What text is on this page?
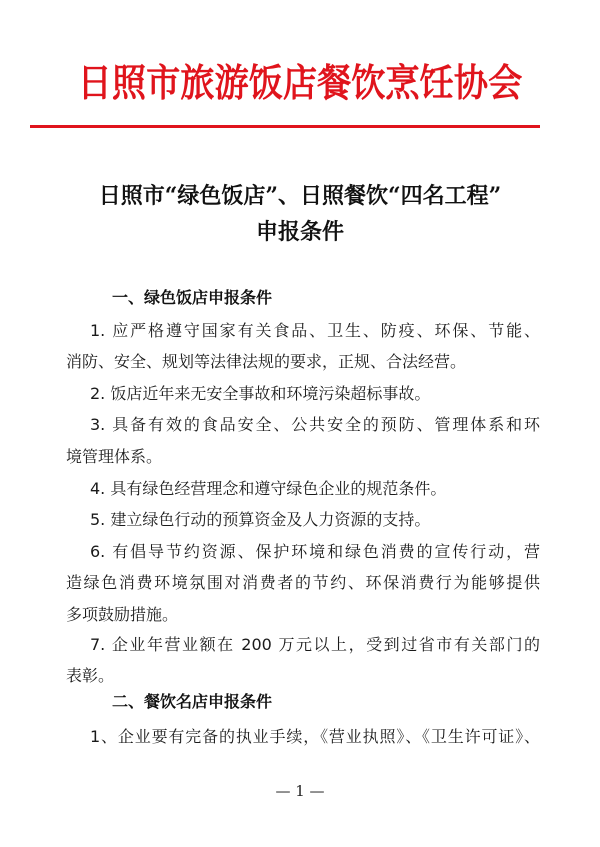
日照市旅游饭店餐饮烹饪协会
日照市“绿色饭店”、日照餐饮“四名工程”
申报条件
一、绿色饭店申报条件
1. 应严格遵守国家有关食品、卫生、防疫、环保、节能、
消防、安全、规划等法律法规的要求，正规、合法经营。
2. 饭店近年来无安全事故和环境污染超标事故。
3. 具备有效的食品安全、公共安全的预防、管理体系和环
境管理体系。
4. 具有绿色经营理念和遵守绿色企业的规范条件。
5. 建立绿色行动的预算资金及人力资源的支持。
6. 有倡导节约资源、保护环境和绿色消费的宣传行动，营
造绿色消费环境氛围对消费者的节约、环保消费行为能够提供
多项鼓励措施。
7. 企业年营业额在 200 万元以上，受到过省市有关部门的
表彰。
二、餐饮名店申报条件
1、企业要有完备的执业手续，《营业执照》、《卫生许可证》、
— 1 —
